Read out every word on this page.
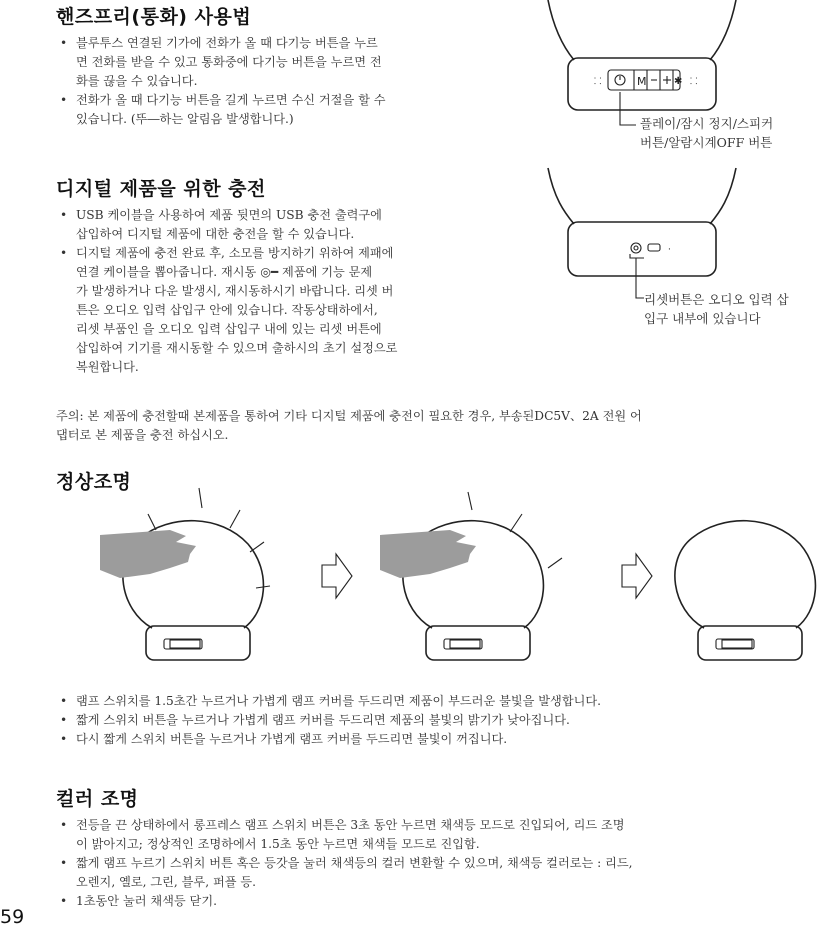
핸즈프리(통화) 사용법
• 블루투스 연결된 기가에 전화가 올 때 다기능 버튼을 누르
면 전화를 받을 수 있고 통화중에 다기능 버튼을 누르면 전
화를 끊을 수 있습니다.
• 전화가 올 때 다기능 버튼을 길게 누르면 수신 거절을 할 수
있습니다. (뚜―하는 알림음 발생합니다.)
M	✱
⸬	⸬
플레이/잠시 정지/스피커
버튼/알람시계OFF 버튼
디지털 제품을 위한 충전
• USB 케이블을 사용하여 제품 뒷면의 USB 충전 출력구에
삽입하여 디지털 제품에 대한 충전을 할 수 있습니다.
• 디지털 제품에 충전 완료 후, 소모를 방지하기 위하여 제패에
연결 케이블을 뽑아줍니다. 재시동 ◎━ 제품에 기능 문제
가 발생하거나 다운 발생시, 재시동하시기 바랍니다. 리셋 버
튼은 오디오 입력 삽입구 안에 있습니다. 작동상태하에서,
리셋 부품인 을 오디오 입력 삽입구 내에 있는 리셋 버튼에
삽입하여 기기를 재시동할 수 있으며 출하시의 초기 설정으로
복원합니다.
주의: 본 제품에 충전할때 본제품을 통하여 기타 디지털 제품에 충전이 필요한 경우, 부송된DC5V、2A 전원 어
댑터로 본 제품을 충전 하십시오.
·
리셋버튼은 오디오 입력 삽
입구 내부에 있습니다
정상조명
• 램프 스위치를 1.5초간 누르거나 가볍게 램프 커버를 두드리면 제품이 부드러운 불빛을 발생합니다.
• 짧게 스위치 버튼을 누르거나 가볍게 램프 커버를 두드리면 제품의 불빛의 밝기가 낮아집니다.
• 다시 짧게 스위치 버튼을 누르거나 가볍게 램프 커버를 두드리면 불빛이 꺼집니다.
컬러 조명
• 전등을 끈 상태하에서 롱프레스 램프 스위치 버튼은 3초 동안 누르면 채색등 모드로 진입되어, 리드 조명
이 밝아지고; 정상적인 조명하에서 1.5초 동안 누르면 채색들 모드로 진입함.
• 짧게 램프 누르기 스위치 버튼 혹은 등갓을 눌러 채색등의 컬러 변환할 수 있으며, 채색등 컬러로는 : 리드,
오렌지, 옐로, 그린, 블루, 퍼플 등.
• 1초동안 눌러 채색등 닫기.
59
